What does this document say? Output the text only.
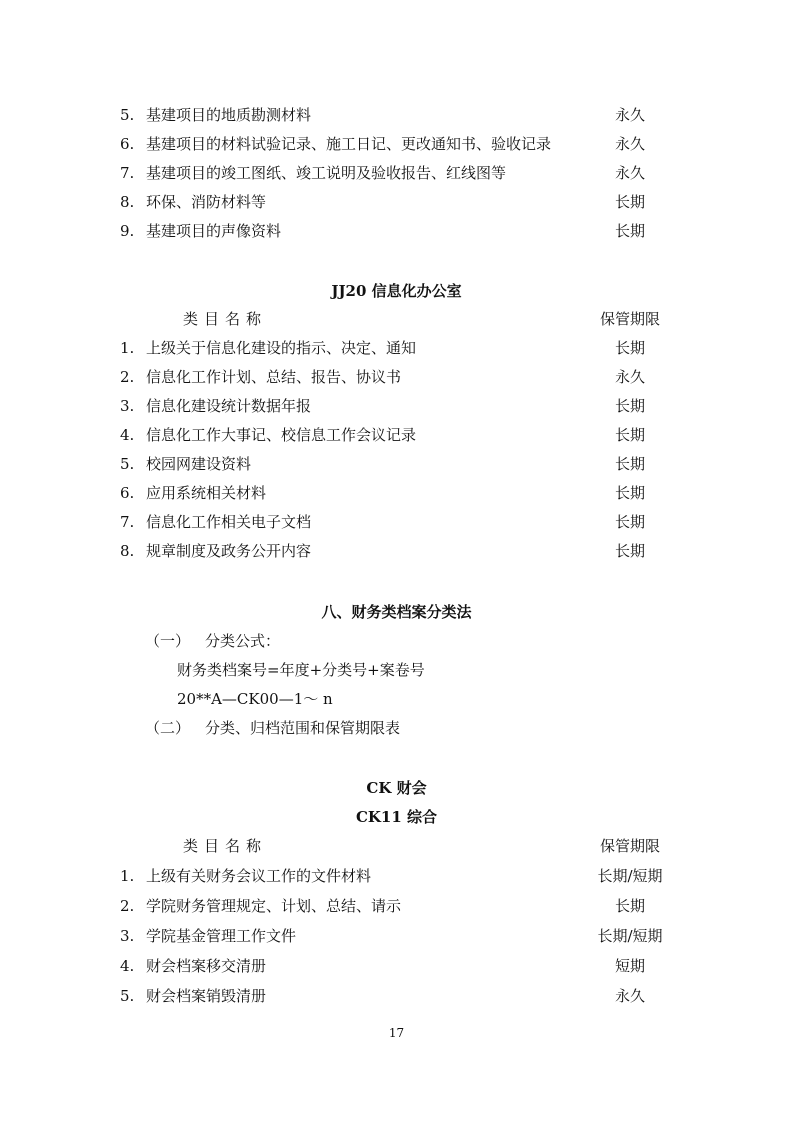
5. 基建项目的地质勘测材料	永久
6. 基建项目的材料试验记录、施工日记、更改通知书、验收记录	永久
7. 基建项目的竣工图纸、竣工说明及验收报告、红线图等	永久
8. 环保、消防材料等	长期
9. 基建项目的声像资料	长期
JJ20 信息化办公室
类目名称	保管期限
1. 上级关于信息化建设的指示、决定、通知	长期
2. 信息化工作计划、总结、报告、协议书	永久
3. 信息化建设统计数据年报	长期
4. 信息化工作大事记、校信息工作会议记录	长期
5. 校园网建设资料	长期
6. 应用系统相关材料	长期
7. 信息化工作相关电子文档	长期
8. 规章制度及政务公开内容	长期
八、财务类档案分类法
（一） 分类公式：
财务类档案号=年度+分类号+案卷号
20**A—CK00—1～ n
（二） 分类、归档范围和保管期限表
CK 财会
CK11 综合
类目名称	保管期限
1. 上级有关财务会议工作的文件材料	长期/短期
2. 学院财务管理规定、计划、总结、请示	长期
3. 学院基金管理工作文件	长期/短期
4. 财会档案移交清册	短期
5. 财会档案销毁清册	永久
17
